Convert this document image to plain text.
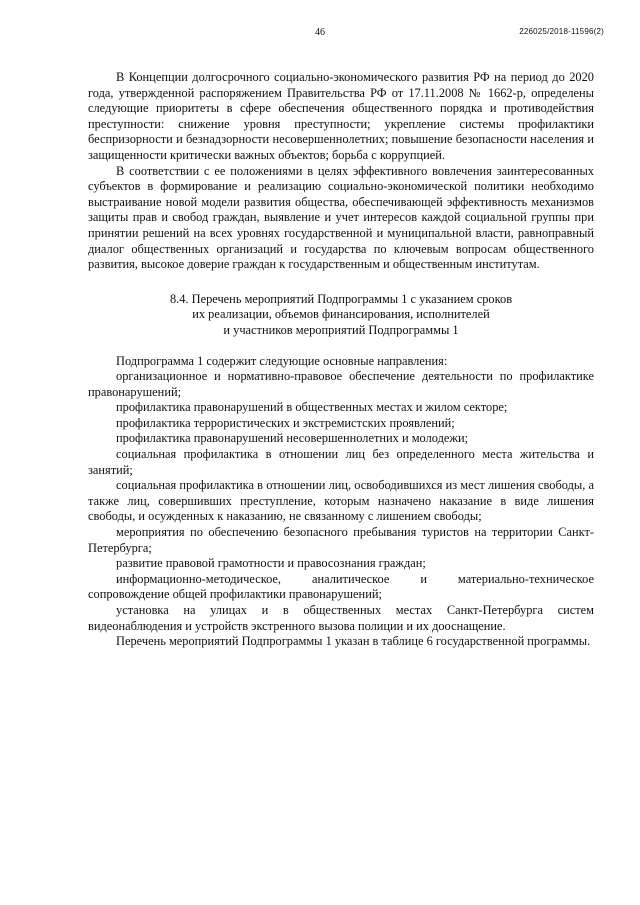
46	226025/2018-11596(2)

В Концепции долгосрочного социально-экономического развития РФ на период до 2020 года, утвержденной распоряжением Правительства РФ от 17.11.2008 № 1662-р, определены следующие приоритеты в сфере обеспечения общественного порядка и противодействия преступности: снижение уровня преступности; укрепление системы профилактики беспризорности и безнадзорности несовершеннолетних; повышение безопасности населения и защищенности критически важных объектов; борьба с коррупцией.

В соответствии с ее положениями в целях эффективного вовлечения заинтересованных субъектов в формирование и реализацию социально-экономической политики необходимо выстраивание новой модели развития общества, обеспечивающей эффективность механизмов защиты прав и свобод граждан, выявление и учет интересов каждой социальной группы при принятии решений на всех уровнях государственной и муниципальной власти, равноправный диалог общественных организаций и государства по ключевым вопросам общественного развития, высокое доверие граждан к государственным и общественным институтам.

8.4. Перечень мероприятий Подпрограммы 1 с указанием сроков
их реализации, объемов финансирования, исполнителей
и участников мероприятий Подпрограммы 1

Подпрограмма 1 содержит следующие основные направления:

организационное и нормативно-правовое обеспечение деятельности по профилактике правонарушений;

профилактика правонарушений в общественных местах и жилом секторе;

профилактика террористических и экстремистских проявлений;

профилактика правонарушений несовершеннолетних и молодежи;

социальная профилактика в отношении лиц без определенного места жительства и занятий;

социальная профилактика в отношении лиц, освободившихся из мест лишения свободы, а также лиц, совершивших преступление, которым назначено наказание в виде лишения свободы, и осужденных к наказанию, не связанному с лишением свободы;

мероприятия по обеспечению безопасного пребывания туристов на территории Санкт-Петербурга;

развитие правовой грамотности и правосознания граждан;

информационно-методическое, аналитическое и материально-техническое сопровождение общей профилактики правонарушений;

установка на улицах и в общественных местах Санкт-Петербурга систем видеонаблюдения и устройств экстренного вызова полиции и их дооснащение.

Перечень мероприятий Подпрограммы 1 указан в таблице 6 государственной программы.
